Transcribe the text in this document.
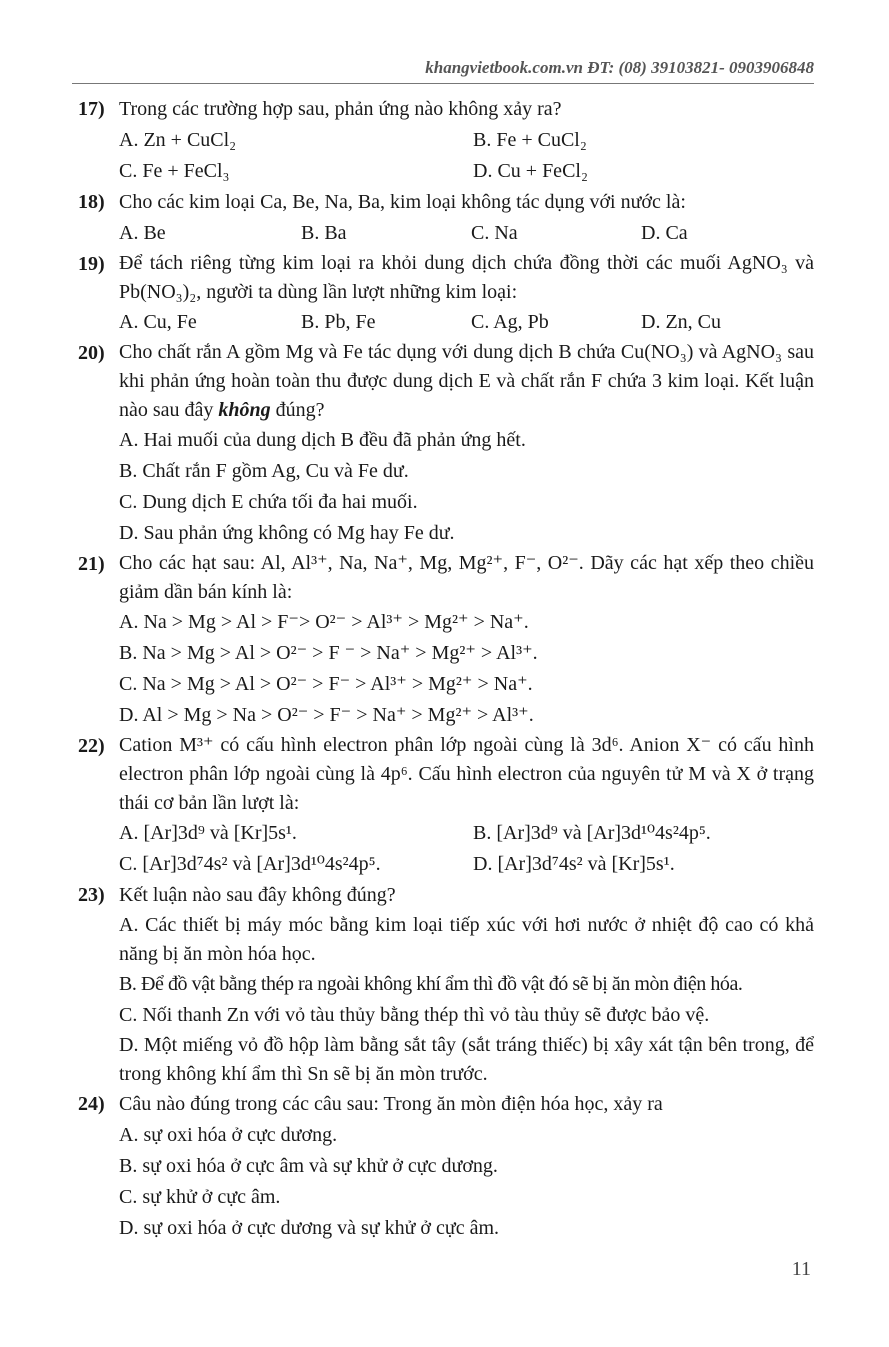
khangvietbook.com.vn ĐT: (08) 39103821- 0903906848
17) Trong các trường hợp sau, phản ứng nào không xảy ra?
A. Zn + CuCl₂	B. Fe + CuCl₂
C. Fe + FeCl₃	D. Cu + FeCl₂
18) Cho các kim loại Ca, Be, Na, Ba, kim loại không tác dụng với nước là:
A. Be	B. Ba	C. Na	D. Ca
19) Để tách riêng từng kim loại ra khỏi dung dịch chứa đồng thời các muối AgNO₃ và Pb(NO₃)₂, người ta dùng lần lượt những kim loại:
A. Cu, Fe	B. Pb, Fe	C. Ag, Pb	D. Zn, Cu
20) Cho chất rắn A gồm Mg và Fe tác dụng với dung dịch B chứa Cu(NO₃) và AgNO₃ sau khi phản ứng hoàn toàn thu được dung dịch E và chất rắn F chứa 3 kim loại. Kết luận nào sau đây không đúng?
A. Hai muối của dung dịch B đều đã phản ứng hết.
B. Chất rắn F gồm Ag, Cu và Fe dư.
C. Dung dịch E chứa tối đa hai muối.
D. Sau phản ứng không có Mg hay Fe dư.
21) Cho các hạt sau: Al, Al³⁺, Na, Na⁺, Mg, Mg²⁺, F⁻, O²⁻. Dãy các hạt xếp theo chiều giảm dần bán kính là:
A. Na > Mg > Al > F⁻> O²⁻ > Al³⁺ > Mg²⁺ > Na⁺.
B. Na > Mg > Al > O²⁻ > F ⁻ > Na⁺ > Mg²⁺ > Al³⁺.
C. Na > Mg > Al > O²⁻ > F⁻ > Al³⁺ > Mg²⁺ > Na⁺.
D. Al > Mg > Na > O²⁻ > F⁻ > Na⁺ > Mg²⁺ > Al³⁺.
22) Cation M³⁺ có cấu hình electron phân lớp ngoài cùng là 3d⁶. Anion X⁻ có cấu hình electron phân lớp ngoài cùng là 4p⁶. Cấu hình electron của nguyên tử M và X ở trạng thái cơ bản lần lượt là:
A. [Ar]3d⁹ và [Kr]5s¹.	B. [Ar]3d⁹ và [Ar]3d¹⁰4s²4p⁵.
C. [Ar]3d⁷4s² và [Ar]3d¹⁰4s²4p⁵.	D. [Ar]3d⁷4s² và [Kr]5s¹.
23) Kết luận nào sau đây không đúng?
A. Các thiết bị máy móc bằng kim loại tiếp xúc với hơi nước ở nhiệt độ cao có khả năng bị ăn mòn hóa học.
B. Để đồ vật bằng thép ra ngoài không khí ẩm thì đồ vật đó sẽ bị ăn mòn điện hóa.
C. Nối thanh Zn với vỏ tàu thủy bằng thép thì vỏ tàu thủy sẽ được bảo vệ.
D. Một miếng vỏ đồ hộp làm bằng sắt tây (sắt tráng thiếc) bị xây xát tận bên trong, để trong không khí ẩm thì Sn sẽ bị ăn mòn trước.
24) Câu nào đúng trong các câu sau: Trong ăn mòn điện hóa học, xảy ra
A. sự oxi hóa ở cực dương.
B. sự oxi hóa ở cực âm và sự khử ở cực dương.
C. sự khử ở cực âm.
D. sự oxi hóa ở cực dương và sự khử ở cực âm.
11
